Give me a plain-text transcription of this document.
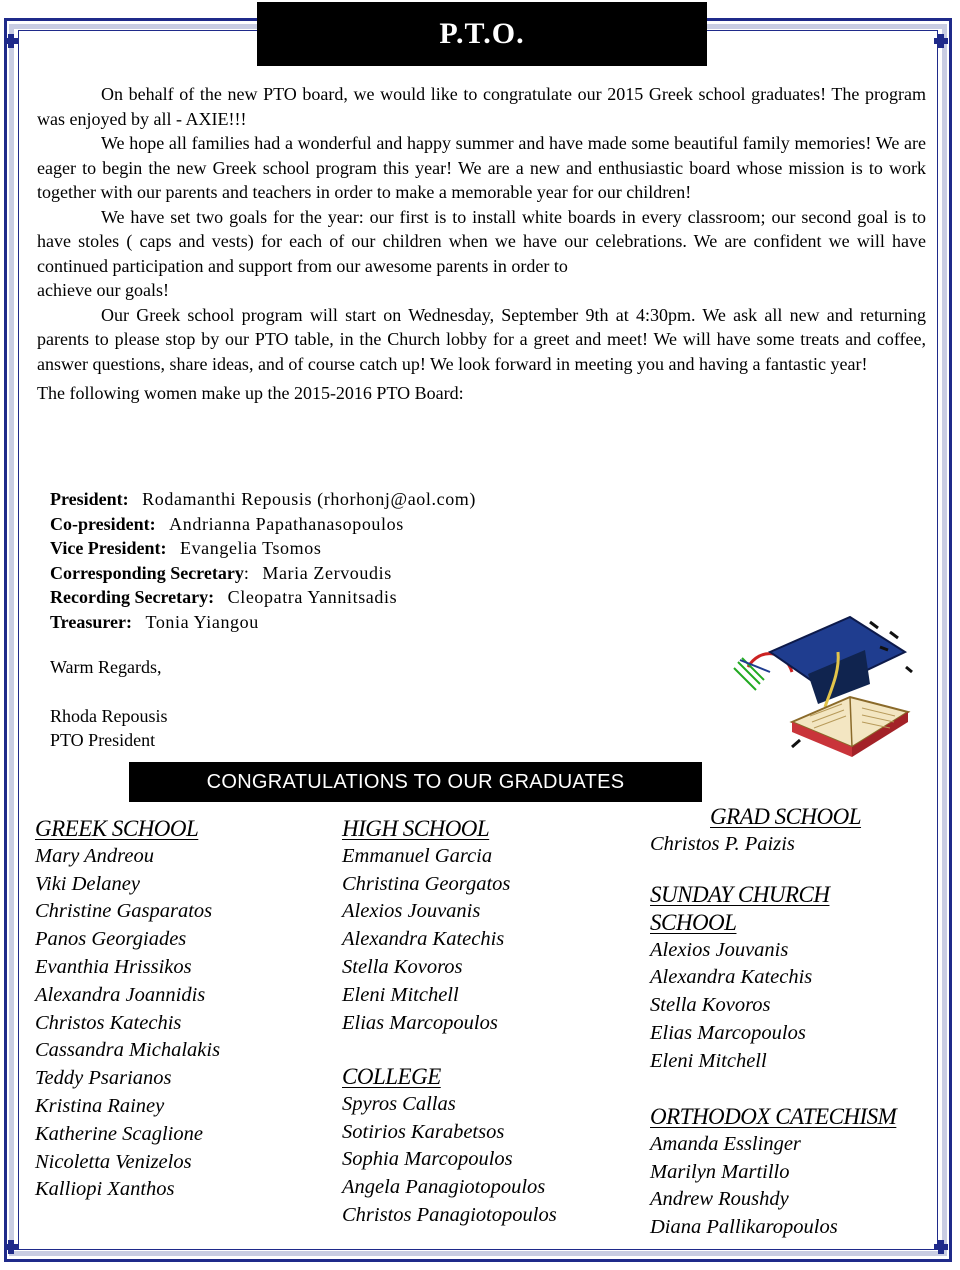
P.T.O.

On behalf of the new PTO board, we would like to congratulate our 2015 Greek school graduates! The program was enjoyed by all - AXIE!!!

We hope all families had a wonderful and happy summer and have made some beautiful family memories! We are eager to begin the new Greek school program this year! We are a new and enthusiastic board whose mission is to work together with our parents and teachers in order to make a memorable year for our children!

We have set two goals for the year: our first is to install white boards in every classroom; our second goal is to have stoles ( caps and vests) for each of our children when we have our celebrations. We are confident we will have continued participation and support from our awesome parents in order to

achieve our goals!

Our Greek school program will start on Wednesday, September 9th at 4:30pm. We ask all new and returning parents to please stop by our PTO table, in the Church lobby for a greet and meet! We will have some treats and coffee, answer questions, share ideas, and of course catch up! We look forward in meeting you and having a fantastic year!

The following women make up the 2015-2016 PTO Board:

President: Rodamanthi Repousis (rhorhonj@aol.com)
Co-president: Andrianna Papathanasopoulos
Vice President: Evangelia Tsomos
Corresponding Secretary: Maria Zervoudis
Recording Secretary: Cleopatra Yannitsadis
Treasurer: Tonia Yiangou
Warm Regards,
Rhoda Repousis
PTO President
CONGRATULATIONS TO OUR GRADUATES
GREEK SCHOOL
Mary Andreou
Viki Delaney
Christine Gasparatos
Panos Georgiades
Evanthia Hrissikos
Alexandra Joannidis
Christos Katechis
Cassandra Michalakis
Teddy Psarianos
Kristina Rainey
Katherine Scaglione
Nicoletta Venizelos
Kalliopi Xanthos
HIGH SCHOOL
Emmanuel Garcia
Christina Georgatos
Alexios Jouvanis
Alexandra Katechis
Stella Kovoros
Eleni Mitchell
Elias Marcopoulos
COLLEGE
Spyros Callas
Sotirios Karabetsos
Sophia Marcopoulos
Angela Panagiotopoulos
Christos Panagiotopoulos
GRAD SCHOOL
Christos P. Paizis
SUNDAY CHURCH
SCHOOL
Alexios Jouvanis
Alexandra Katechis
Stella Kovoros
Elias Marcopoulos
Eleni Mitchell
ORTHODOX CATECHISM
Amanda Esslinger
Marilyn Martillo
Andrew Roushdy
Diana Pallikaropoulos
